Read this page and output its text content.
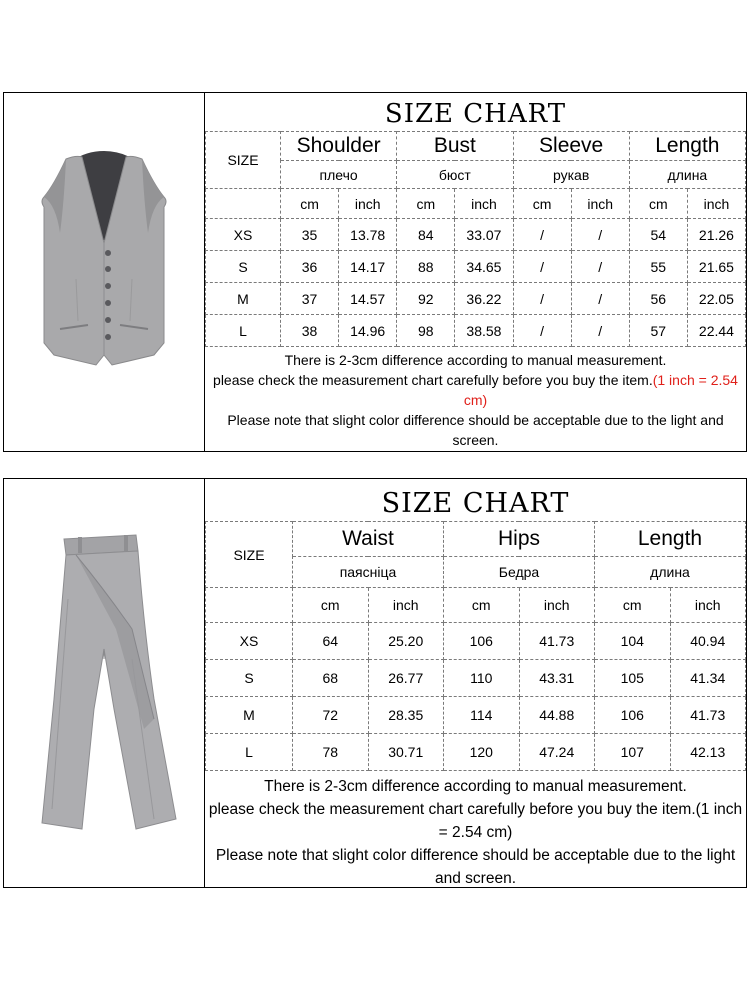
SIZE CHART
SIZE	Shoulder		Bust		Sleeve		Length	
	плечо		бюст		рукав		длина	
	cm	inch	cm	inch	cm	inch	cm	inch
XS	35	13.78	84	33.07	/	/	54	21.26
S	36	14.17	88	34.65	/	/	55	21.65
M	37	14.57	92	36.22	/	/	56	22.05
L	38	14.96	98	38.58	/	/	57	22.44
There is 2-3cm difference according to manual measurement.
please check the measurement chart carefully before you buy the item.(1 inch = 2.54 cm)
Please note that slight color difference should be acceptable due to the light and screen.
SIZE CHART
SIZE	Waist		Hips		Length	
	паясніца		Бедра		длина	
	cm	inch	cm	inch	cm	inch
XS	64	25.20	106	41.73	104	40.94
S	68	26.77	110	43.31	105	41.34
M	72	28.35	114	44.88	106	41.73
L	78	30.71	120	47.24	107	42.13
There is 2-3cm difference according to manual measurement.
please check the measurement chart carefully before you buy the item.(1 inch = 2.54 cm)
Please note that slight color difference should be acceptable due to the light and screen.
